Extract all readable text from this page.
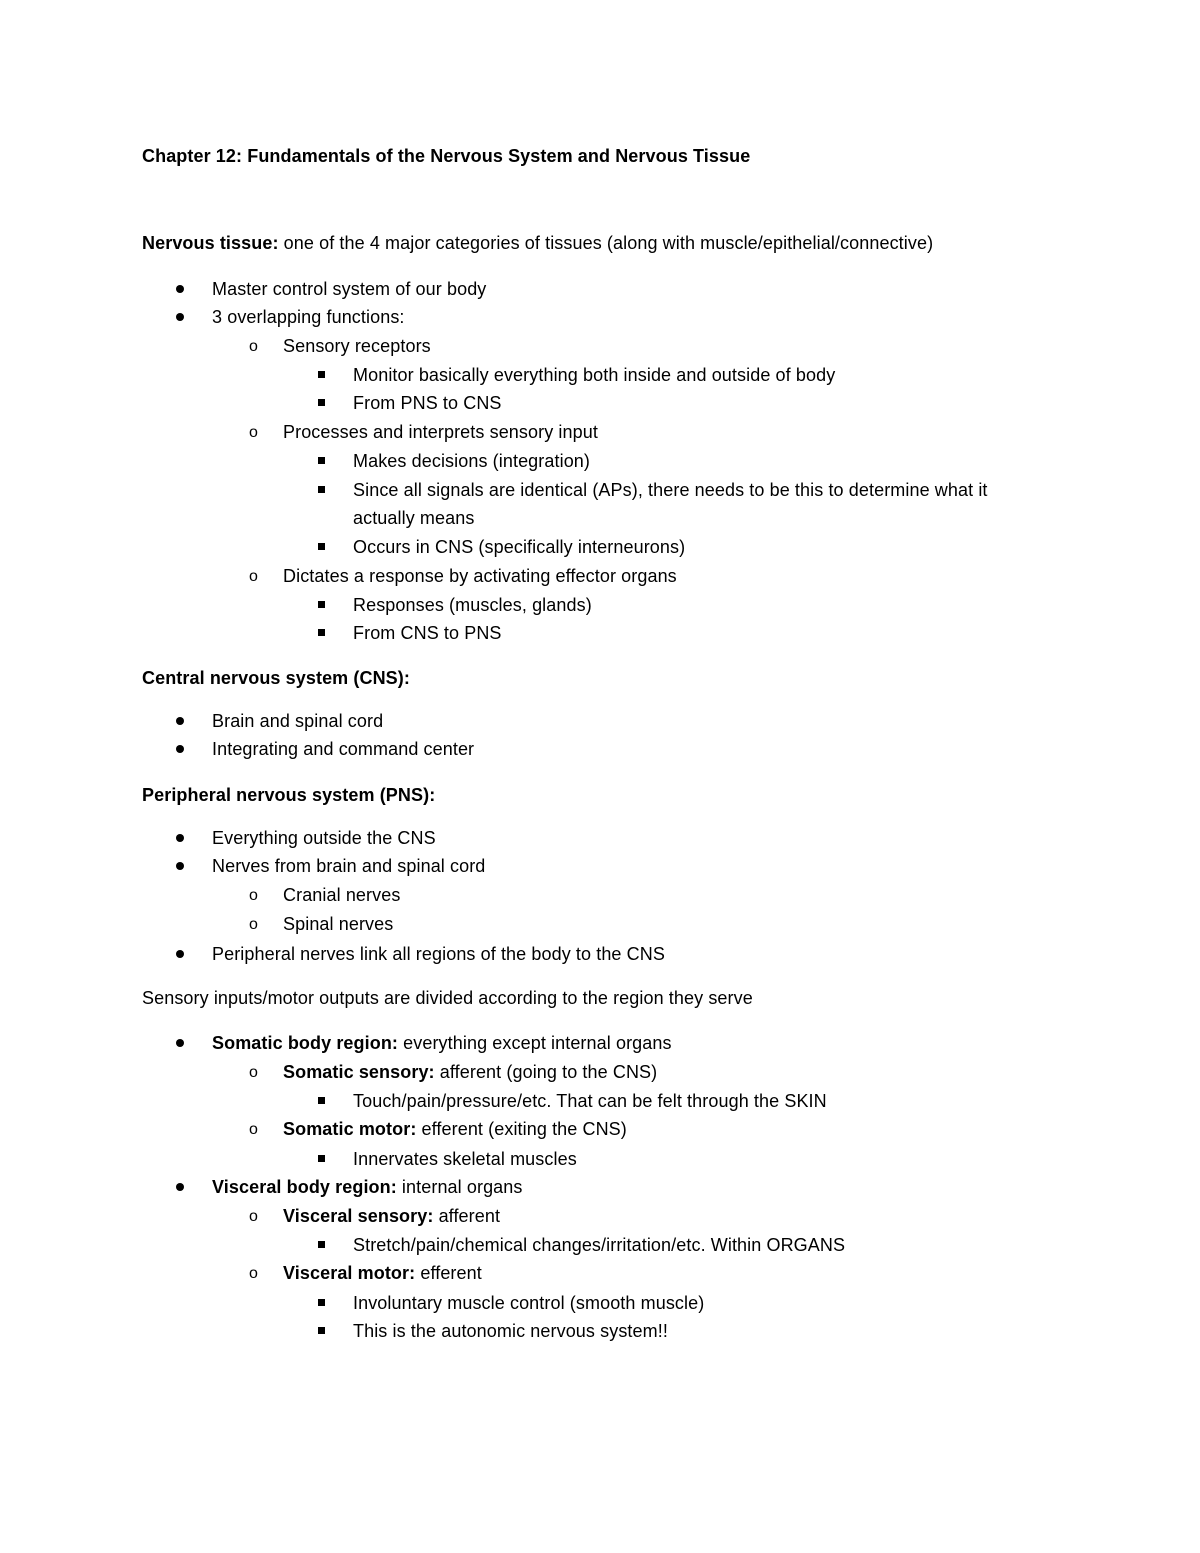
Chapter 12: Fundamentals of the Nervous System and Nervous Tissue
Nervous tissue: one of the 4 major categories of tissues (along with muscle/epithelial/connective)
Master control system of our body
3 overlapping functions:
o Sensory receptors
Monitor basically everything both inside and outside of body
From PNS to CNS
o Processes and interprets sensory input
Makes decisions (integration)
Since all signals are identical (APs), there needs to be this to determine what it
actually means
Occurs in CNS (specifically interneurons)
o Dictates a response by activating effector organs
Responses (muscles, glands)
From CNS to PNS
Central nervous system (CNS):
Brain and spinal cord
Integrating and command center
Peripheral nervous system (PNS):
Everything outside the CNS
Nerves from brain and spinal cord
o Cranial nerves
o Spinal nerves
Peripheral nerves link all regions of the body to the CNS
Sensory inputs/motor outputs are divided according to the region they serve
Somatic body region: everything except internal organs
o Somatic sensory: afferent (going to the CNS)
Touch/pain/pressure/etc. That can be felt through the SKIN
o Somatic motor: efferent (exiting the CNS)
Innervates skeletal muscles
Visceral body region: internal organs
o Visceral sensory: afferent
Stretch/pain/chemical changes/irritation/etc. Within ORGANS
o Visceral motor: efferent
Involuntary muscle control (smooth muscle)
This is the autonomic nervous system!!
